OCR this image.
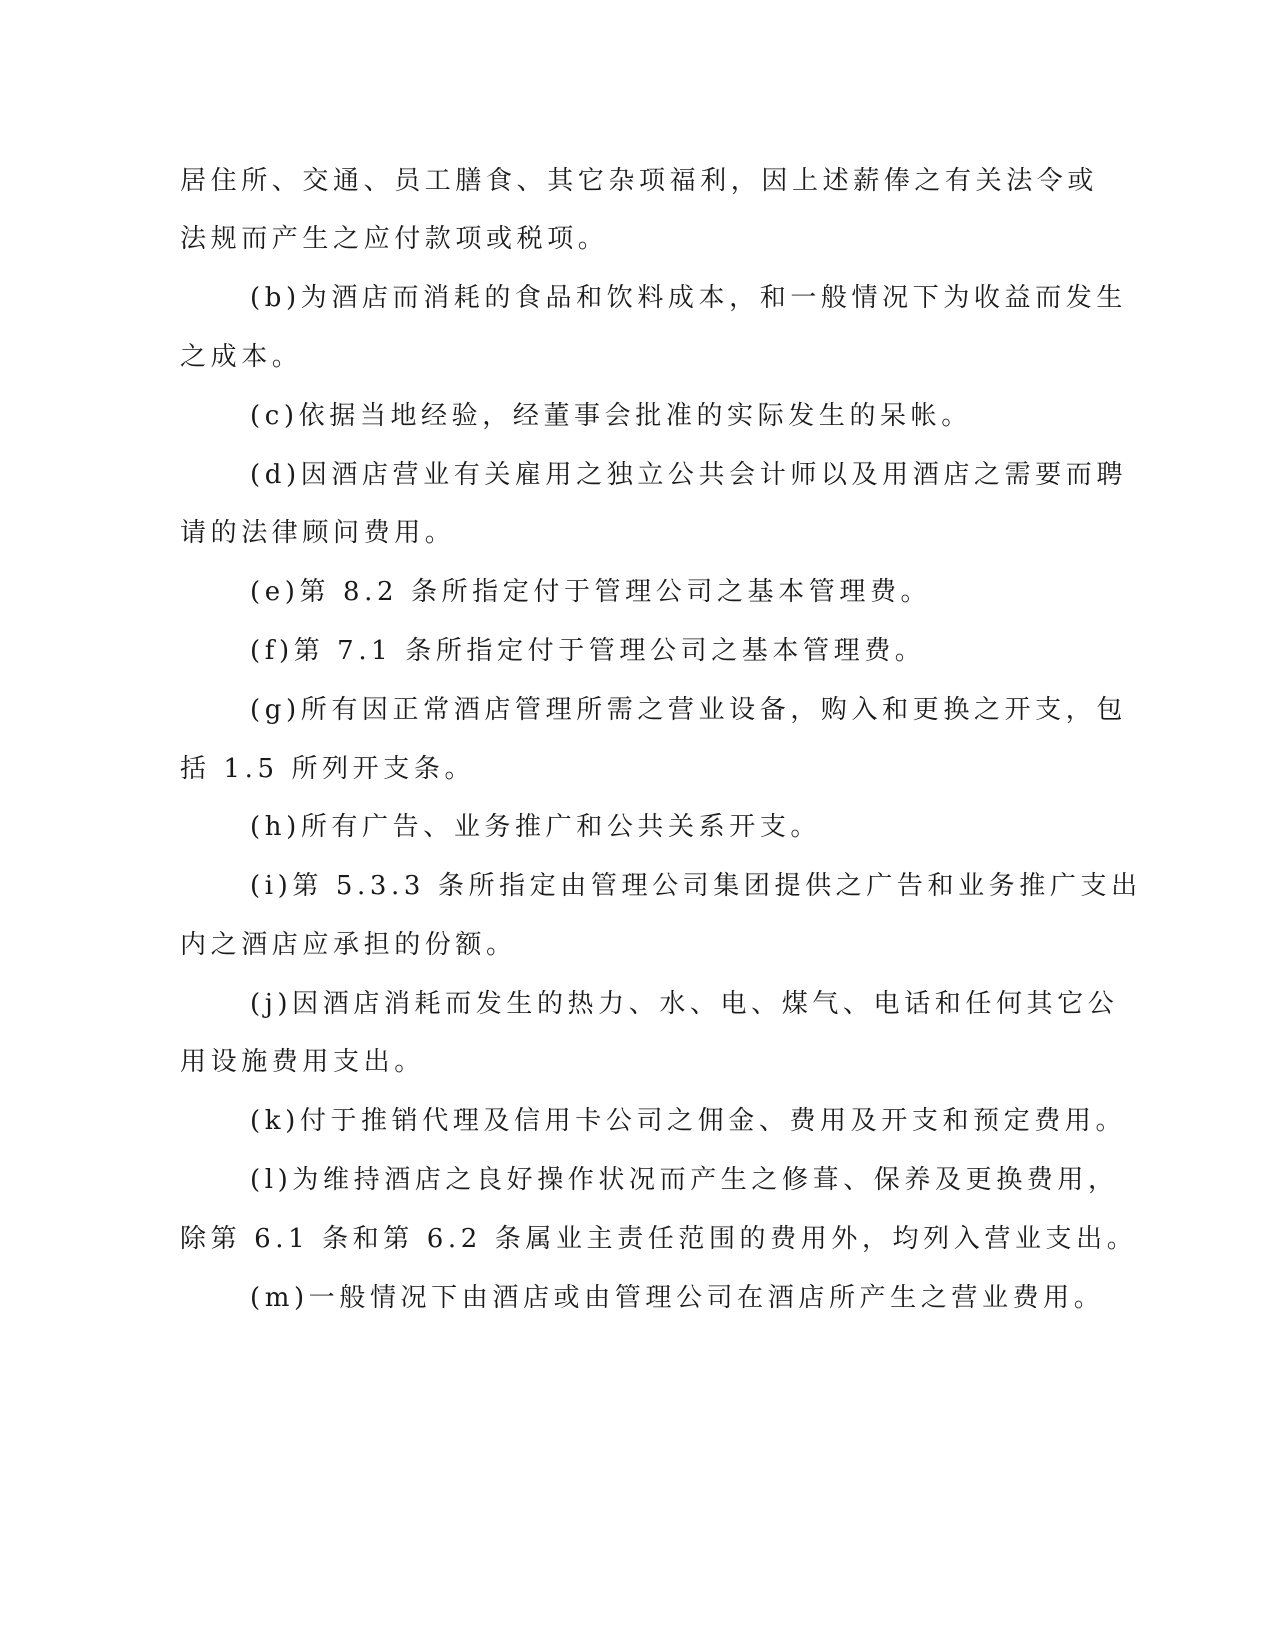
居住所、交通、员工膳食、其它杂项福利，因上述薪俸之有关法令或
法规而产生之应付款项或税项。
(b)为酒店而消耗的食品和饮料成本，和一般情况下为收益而发生
之成本。
(c)依据当地经验，经董事会批准的实际发生的呆帐。
(d)因酒店营业有关雇用之独立公共会计师以及用酒店之需要而聘
请的法律顾问费用。
(e)第 8.2 条所指定付于管理公司之基本管理费。
(f)第 7.1 条所指定付于管理公司之基本管理费。
(g)所有因正常酒店管理所需之营业设备，购入和更换之开支，包
括 1.5 所列开支条。
(h)所有广告、业务推广和公共关系开支。
(i)第 5.3.3 条所指定由管理公司集团提供之广告和业务推广支出
内之酒店应承担的份额。
(j)因酒店消耗而发生的热力、水、电、煤气、电话和任何其它公
用设施费用支出。
(k)付于推销代理及信用卡公司之佣金、费用及开支和预定费用。
(l)为维持酒店之良好操作状况而产生之修葺、保养及更换费用，
除第 6.1 条和第 6.2 条属业主责任范围的费用外，均列入营业支出。
(m)一般情况下由酒店或由管理公司在酒店所产生之营业费用。
